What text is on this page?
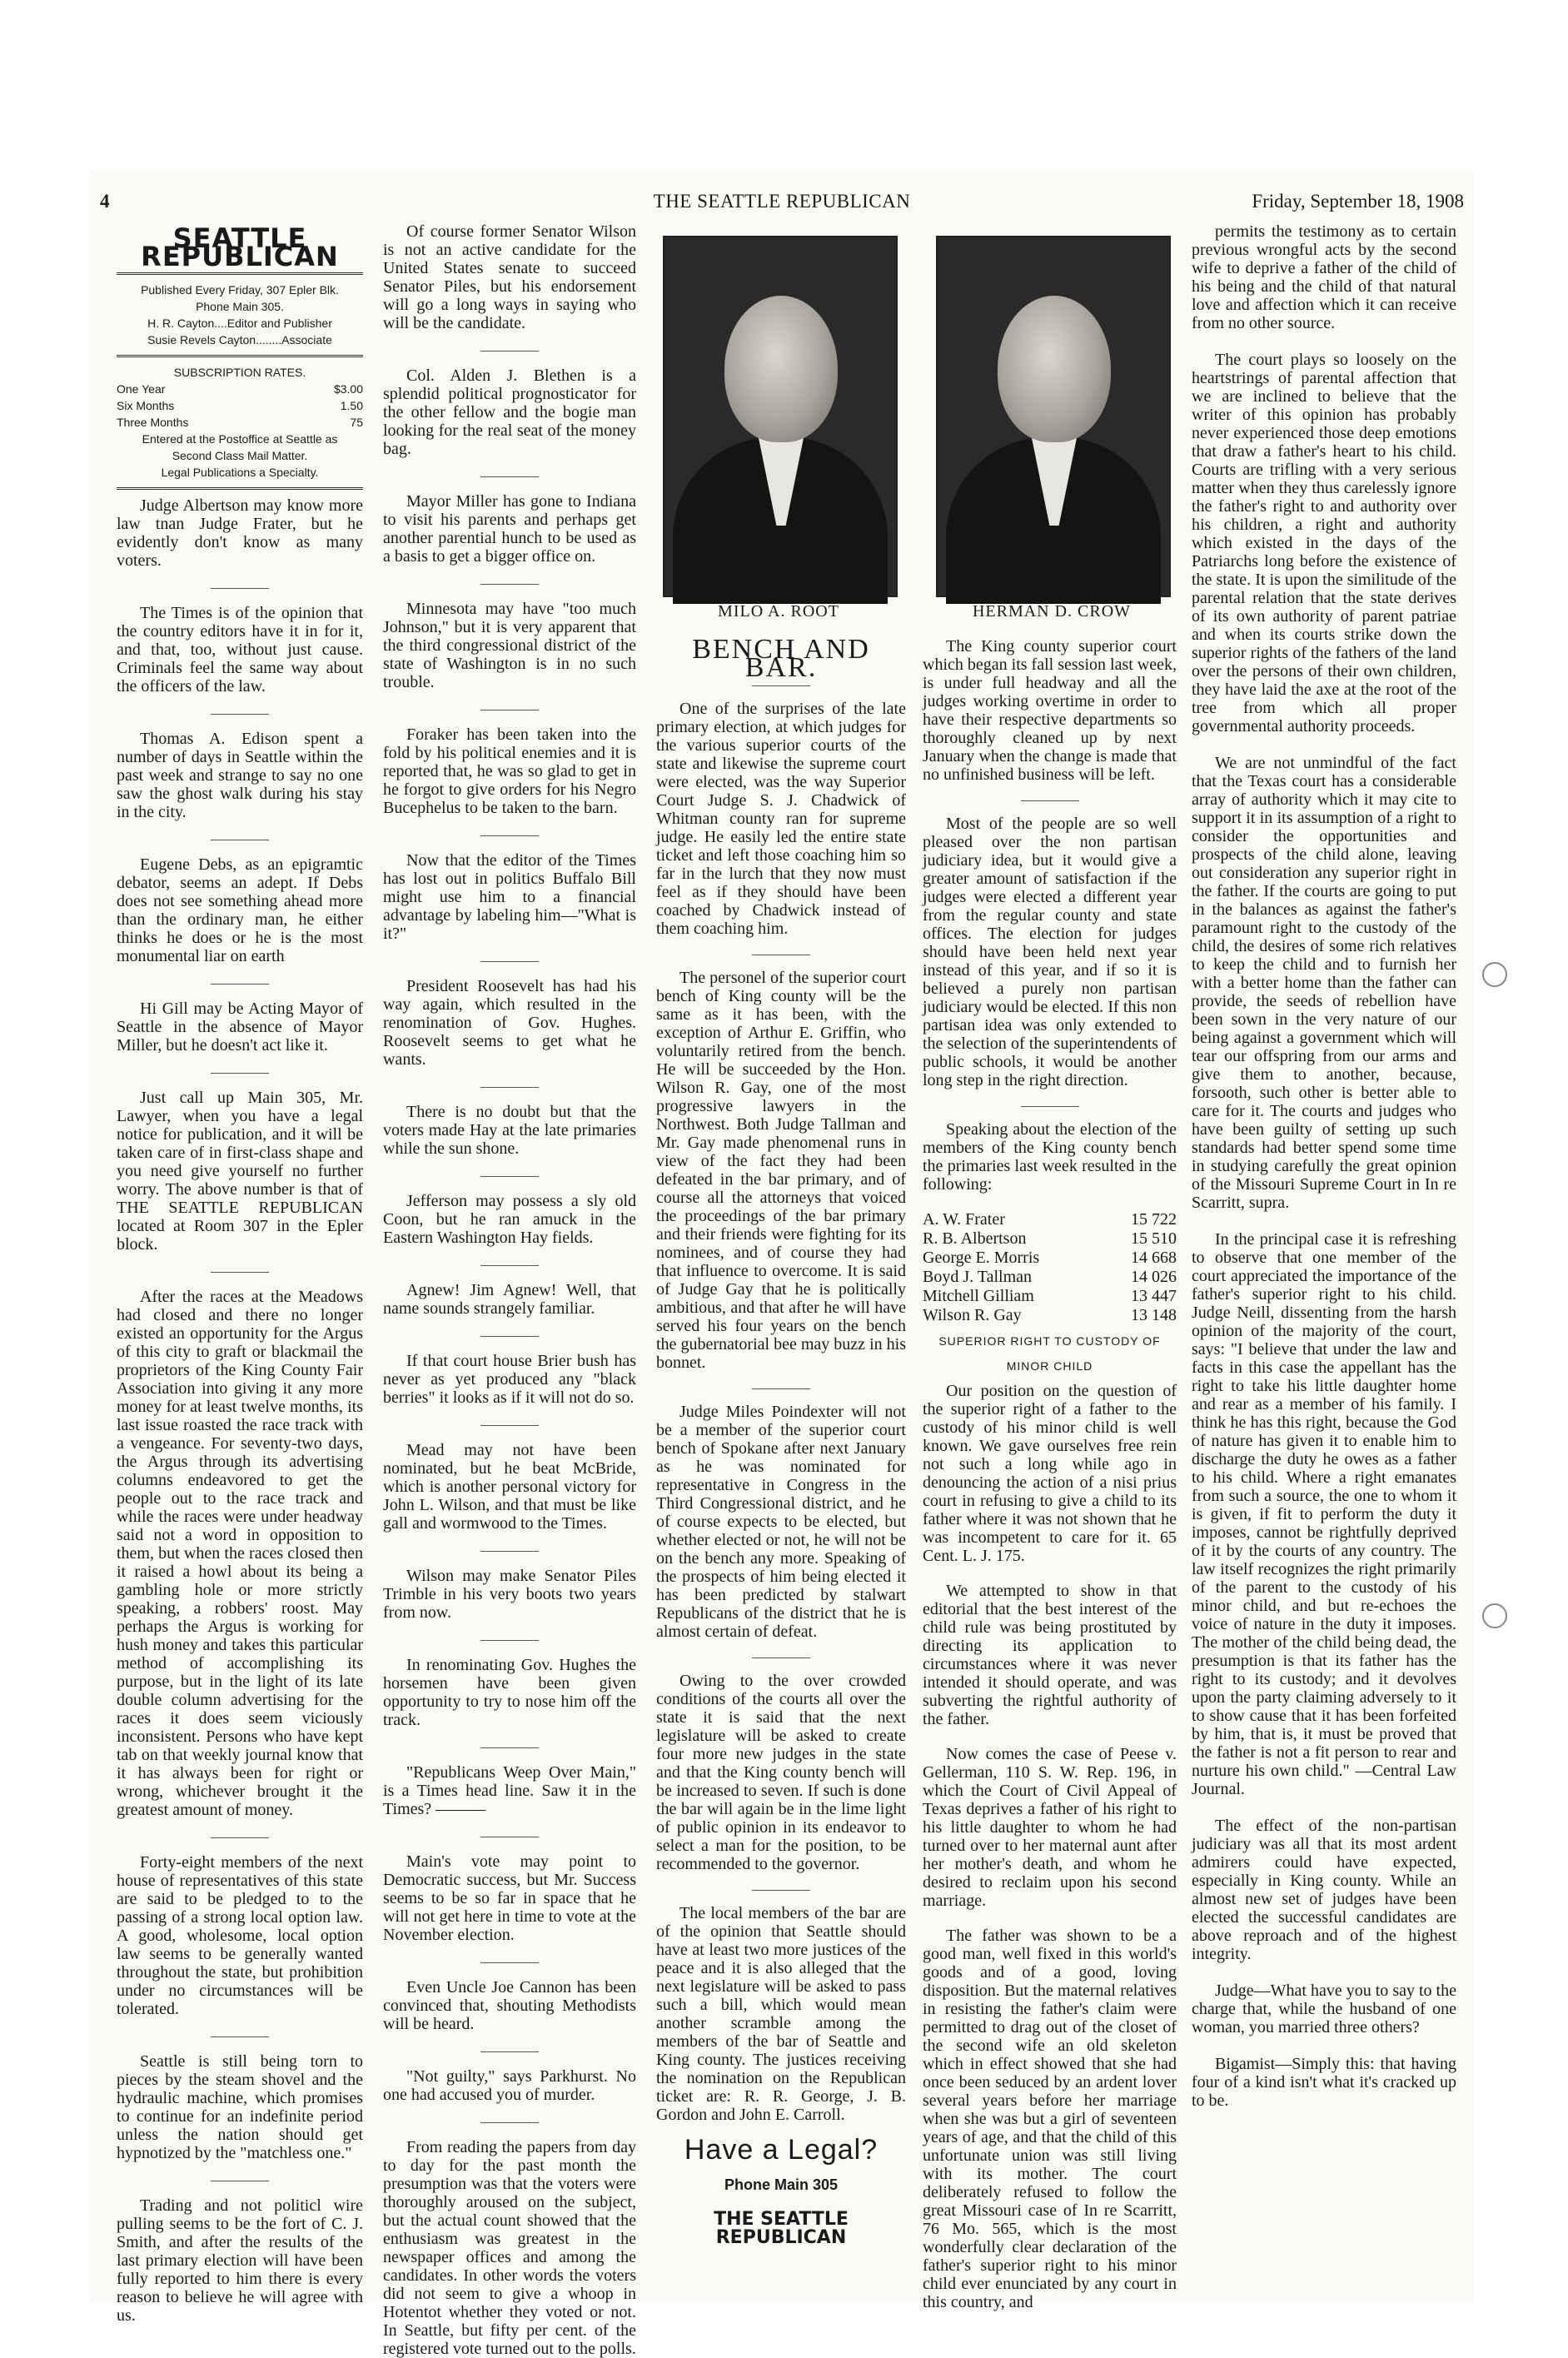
4	THE SEATTLE REPUBLICAN	Friday, September 18, 1908
SEATTLE REPUBLICAN
Published Every Friday, 307 Epler Blk.
Phone Main 305.
H. R. Cayton....Editor and Publisher
Susie Revels Cayton........Associate
SUBSCRIPTION RATES.
One Year	$3.00
Six Months	1.50
Three Months	75
Entered at the Postoffice at Seattle as
Second Class Mail Matter.
Legal Publications a Specialty.

Judge Albertson may know more law tnan Judge Frater, but he evidently don't know as many voters.

The Times is of the opinion that the country editors have it in for it, and that, too, without just cause. Criminals feel the same way about the officers of the law.

Thomas A. Edison spent a number of days in Seattle within the past week and strange to say no one saw the ghost walk during his stay in the city.

Eugene Debs, as an epigramtic debator, seems an adept. If Debs does not see something ahead more than the ordinary man, he either thinks he does or he is the most monumental liar on earth

Hi Gill may be Acting Mayor of Seattle in the absence of Mayor Miller, but he doesn't act like it.

Just call up Main 305, Mr. Lawyer, when you have a legal notice for publication, and it will be taken care of in first-class shape and you need give yourself no further worry. The above number is that of THE SEATTLE REPUBLICAN located at Room 307 in the Epler block.

After the races at the Meadows had closed and there no longer existed an opportunity for the Argus of this city to graft or blackmail the proprietors of the King County Fair Association into giving it any more money for at least twelve months, its last issue roasted the race track with a vengeance. For seventy-two days, the Argus through its advertising columns endeavored to get the people out to the race track and while the races were under headway said not a word in opposition to them, but when the races closed then it raised a howl about its being a gambling hole or more strictly speaking, a robbers' roost. May perhaps the Argus is working for hush money and takes this particular method of accomplishing its purpose, but in the light of its late double column advertising for the races it does seem viciously inconsistent. Persons who have kept tab on that weekly journal know that it has always been for right or wrong, whichever brought it the greatest amount of money.

Forty-eight members of the next house of representatives of this state are said to be pledged to to the passing of a strong local option law. A good, wholesome, local option law seems to be generally wanted throughout the state, but prohibition under no circumstances will be tolerated.

Seattle is still being torn to pieces by the steam shovel and the hydraulic machine, which promises to continue for an indefinite period unless the nation should get hypnotized by the "matchless one."

Trading and not politicl wire pulling seems to be the fort of C. J. Smith, and after the results of the last primary election will have been fully reported to him there is every reason to believe he will agree with us.

Of course former Senator Wilson is not an active candidate for the United States senate to succeed Senator Piles, but his endorsement will go a long ways in saying who will be the candidate.

Col. Alden J. Blethen is a splendid political prognosticator for the other fellow and the bogie man looking for the real seat of the money bag.

Mayor Miller has gone to Indiana to visit his parents and perhaps get another parential hunch to be used as a basis to get a bigger office on.

Minnesota may have "too much Johnson," but it is very apparent that the third congressional district of the state of Washington is in no such trouble.

Foraker has been taken into the fold by his political enemies and it is reported that, he was so glad to get in he forgot to give orders for his Negro Bucephelus to be taken to the barn.

Now that the editor of the Times has lost out in politics Buffalo Bill might use him to a financial advantage by labeling him—"What is it?"

President Roosevelt has had his way again, which resulted in the renomination of Gov. Hughes. Roosevelt seems to get what he wants.

There is no doubt but that the voters made Hay at the late primaries while the sun shone.

Jefferson may possess a sly old Coon, but he ran amuck in the Eastern Washington Hay fields.

Agnew! Jim Agnew! Well, that name sounds strangely familiar.

If that court house Brier bush has never as yet produced any "black berries" it looks as if it will not do so.

Mead may not have been nominated, but he beat McBride, which is another personal victory for John L. Wilson, and that must be like gall and wormwood to the Times.

Wilson may make Senator Piles Trimble in his very boots two years from now.

In renominating Gov. Hughes the horsemen have been given opportunity to try to nose him off the track.

"Republicans Weep Over Main," is a Times head line. Saw it in the Times? ———

Main's vote may point to Democratic success, but Mr. Success seems to be so far in space that he will not get here in time to vote at the November election.

Even Uncle Joe Cannon has been convinced that, shouting Methodists will be heard.

"Not guilty," says Parkhurst. No one had accused you of murder.

From reading the papers from day to day for the past month the presumption was that the voters were thoroughly aroused on the subject, but the actual count showed that the enthusiasm was greatest in the newspaper offices and among the candidates. In other words the voters did not seem to give a whoop in Hotentot whether they voted or not. In Seattle, but fifty per cent. of the registered vote turned out to the polls.

MILO A. ROOT	HERMAN D. CROW
BENCH AND BAR.

One of the surprises of the late primary election, at which judges for the various superior courts of the state and likewise the supreme court were elected, was the way Superior Court Judge S. J. Chadwick of Whitman county ran for supreme judge. He easily led the entire state ticket and left those coaching him so far in the lurch that they now must feel as if they should have been coached by Chadwick instead of them coaching him.

The personel of the superior court bench of King county will be the same as it has been, with the exception of Arthur E. Griffin, who voluntarily retired from the bench. He will be succeeded by the Hon. Wilson R. Gay, one of the most progressive lawyers in the Northwest. Both Judge Tallman and Mr. Gay made phenomenal runs in view of the fact they had been defeated in the bar primary, and of course all the attorneys that voiced the proceedings of the bar primary and their friends were fighting for its nominees, and of course they had that influence to overcome. It is said of Judge Gay that he is politically ambitious, and that after he will have served his four years on the bench the gubernatorial bee may buzz in his bonnet.

Judge Miles Poindexter will not be a member of the superior court bench of Spokane after next January as he was nominated for representative in Congress in the Third Congressional district, and he of course expects to be elected, but whether elected or not, he will not be on the bench any more. Speaking of the prospects of him being elected it has been predicted by stalwart Republicans of the district that he is almost certain of defeat.

Owing to the over crowded conditions of the courts all over the state it is said that the next legislature will be asked to create four more new judges in the state and that the King county bench will be increased to seven. If such is done the bar will again be in the lime light of public opinion in its endeavor to select a man for the position, to be recommended to the governor.

The local members of the bar are of the opinion that Seattle should have at least two more justices of the peace and it is also alleged that the next legislature will be asked to pass such a bill, which would mean another scramble among the members of the bar of Seattle and King county. The justices receiving the nomination on the Republican ticket are: R. R. George, J. B. Gordon and John E. Carroll.

Have a Legal?
Phone Main 305
THE SEATTLE REPUBLICAN

The King county superior court which began its fall session last week, is under full headway and all the judges working overtime in order to have their respective departments so thoroughly cleaned up by next January when the change is made that no unfinished business will be left.

Most of the people are so well pleased over the non partisan judiciary idea, but it would give a greater amount of satisfaction if the judges were elected a different year from the regular county and state offices. The election for judges should have been held next year instead of this year, and if so it is believed a purely non partisan judiciary would be elected. If this non partisan idea was only extended to the selection of the superintendents of public schools, it would be another long step in the right direction.

Speaking about the election of the members of the King county bench the primaries last week resulted in the following:

A. W. Frater	15 722
R. B. Albertson	15 510
George E. Morris	14 668
Boyd J. Tallman	14 026
Mitchell Gilliam	13 447
Wilson R. Gay	13 148
SUPERIOR RIGHT TO CUSTODY OF
MINOR CHILD

Our position on the question of the superior right of a father to the custody of his minor child is well known. We gave ourselves free rein not such a long while ago in denouncing the action of a nisi prius court in refusing to give a child to its father where it was not shown that he was incompetent to care for it. 65 Cent. L. J. 175.

We attempted to show in that editorial that the best interest of the child rule was being prostituted by directing its application to circumstances where it was never intended it should operate, and was subverting the rightful authority of the father.

Now comes the case of Peese v. Gellerman, 110 S. W. Rep. 196, in which the Court of Civil Appeal of Texas deprives a father of his right to his little daughter to whom he had turned over to her maternal aunt after her mother's death, and whom he desired to reclaim upon his second marriage.

The father was shown to be a good man, well fixed in this world's goods and of a good, loving disposition. But the maternal relatives in resisting the father's claim were permitted to drag out of the closet of the second wife an old skeleton which in effect showed that she had once been seduced by an ardent lover several years before her marriage when she was but a girl of seventeen years of age, and that the child of this unfortunate union was still living with its mother. The court deliberately refused to follow the great Missouri case of In re Scarritt, 76 Mo. 565, which is the most wonderfully clear declaration of the father's superior right to his minor child ever enunciated by any court in this country, and

permits the testimony as to certain previous wrongful acts by the second wife to deprive a father of the child of his being and the child of that natural love and affection which it can receive from no other source.

The court plays so loosely on the heartstrings of parental affection that we are inclined to believe that the writer of this opinion has probably never experienced those deep emotions that draw a father's heart to his child. Courts are trifling with a very serious matter when they thus carelessly ignore the father's right to and authority over his children, a right and authority which existed in the days of the Patriarchs long before the existence of the state. It is upon the similitude of the parental relation that the state derives of its own authority of parent patriae and when its courts strike down the superior rights of the fathers of the land over the persons of their own children, they have laid the axe at the root of the tree from which all proper governmental authority proceeds.

We are not unmindful of the fact that the Texas court has a considerable array of authority which it may cite to support it in its assumption of a right to consider the opportunities and prospects of the child alone, leaving out consideration any superior right in the father. If the courts are going to put in the balances as against the father's paramount right to the custody of the child, the desires of some rich relatives to keep the child and to furnish her with a better home than the father can provide, the seeds of rebellion have been sown in the very nature of our being against a government which will tear our offspring from our arms and give them to another, because, forsooth, such other is better able to care for it. The courts and judges who have been guilty of setting up such standards had better spend some time in studying carefully the great opinion of the Missouri Supreme Court in In re Scarritt, supra.

In the principal case it is refreshing to observe that one member of the court appreciated the importance of the father's superior right to his child. Judge Neill, dissenting from the harsh opinion of the majority of the court, says: "I believe that under the law and facts in this case the appellant has the right to take his little daughter home and rear as a member of his family. I think he has this right, because the God of nature has given it to enable him to discharge the duty he owes as a father to his child. Where a right emanates from such a source, the one to whom it is given, if fit to perform the duty it imposes, cannot be rightfully deprived of it by the courts of any country. The law itself recognizes the right primarily of the parent to the custody of his minor child, and but re-echoes the voice of nature in the duty it imposes. The mother of the child being dead, the presumption is that its father has the right to its custody; and it devolves upon the party claiming adversely to it to show cause that it has been forfeited by him, that is, it must be proved that the father is not a fit person to rear and nurture his own child." —Central Law Journal.

The effect of the non-partisan judiciary was all that its most ardent admirers could have expected, especially in King county. While an almost new set of judges have been elected the successful candidates are above reproach and of the highest integrity.

Judge—What have you to say to the charge that, while the husband of one woman, you married three others?

Bigamist—Simply this: that having four of a kind isn't what it's cracked up to be.
